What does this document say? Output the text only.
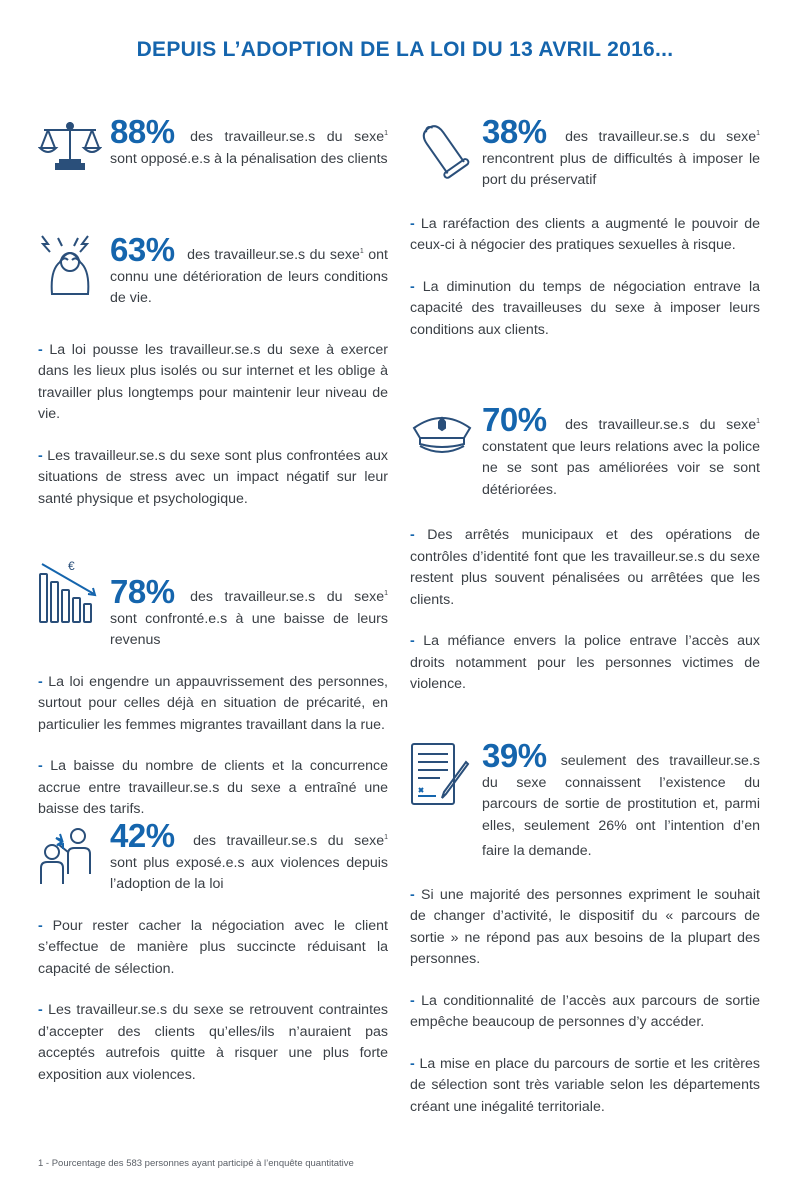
DEPUIS L’ADOPTION DE LA LOI DU 13 AVRIL 2016...
88% des travailleur.se.s du sexe$^1$ sont opposé.e.s à la pénalisation des clients
63% des travailleur.se.s du sexe$^1$ ont connu une détérioration de leurs conditions de vie.
- La loi pousse les travailleur.se.s du sexe à exercer dans les lieux plus isolés ou sur internet et les oblige à travailler plus longtemps pour maintenir leur niveau de vie.
- Les travailleur.se.s du sexe sont plus confrontées aux situations de stress avec un impact négatif sur leur santé physique et psychologique.
€
78% des travailleur.se.s du sexe$^1$ sont confronté.e.s à une baisse de leurs revenus
- La loi engendre un appauvrissement des personnes, surtout pour celles déjà en situation de précarité, en particulier les femmes migrantes travaillant dans la rue.
- La baisse du nombre de clients et la concurrence accrue entre travailleur.se.s du sexe a entraîné une baisse des tarifs.
42% des travailleur.se.s du sexe$^1$ sont plus exposé.e.s aux violences depuis l’adoption de la loi
- Pour rester cacher la négociation avec le client s’effectue de manière plus succincte réduisant la capacité de sélection.
- Les travailleur.se.s du sexe se retrouvent contraintes d’accepter des clients qu’elles/ils n’auraient pas acceptés autrefois quitte à risquer une plus forte exposition aux violences.
38% des travailleur.se.s du sexe$^1$ rencontrent plus de difficultés à imposer le port du préservatif
- La raréfaction des clients a augmenté le pouvoir de ceux-ci à négocier des pratiques sexuelles à risque.
- La diminution du temps de négociation entrave la capacité des travailleuses du sexe à imposer leurs conditions aux clients.
70% des travailleur.se.s du sexe$^1$ constatent que leurs relations avec la police ne se sont pas améliorées voir se sont détériorées.
- Des arrêtés municipaux et des opérations de contrôles d’identité font que les travailleur.se.s du sexe restent plus souvent pénalisées ou arrêtées que les clients.
- La méfiance envers la police entrave l’accès aux droits notamment pour les personnes victimes de violence.
39% seulement des travailleur.se.s du sexe connaissent l’existence du parcours de sortie de prostitution et, parmi elles, seulement 26% ont l’intention d’en faire la demande.
- Si une majorité des personnes expriment le souhait de changer d’activité, le dispositif du « parcours de sortie » ne répond pas aux besoins de la plupart des personnes.
- La conditionnalité de l’accès aux parcours de sortie empêche beaucoup de personnes d’y accéder.
- La mise en place du parcours de sortie et les critères de sélection sont très variable selon les départements créant une inégalité territoriale.
1 - Pourcentage des 583 personnes ayant participé à l’enquête quantitative
